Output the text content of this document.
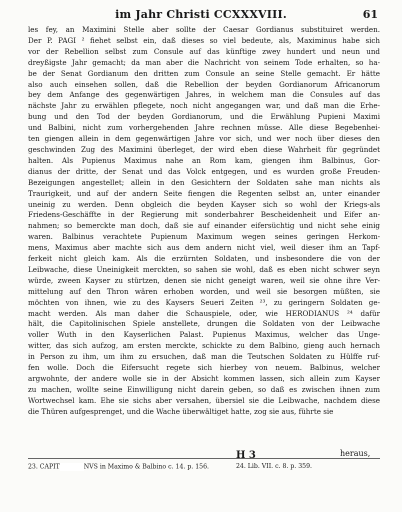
im Jahr Christi CCXXXVIII.	61
les fey, an Maximini Stelle aber sollte der Caesar Gordianus substituiret werden.
Der P. PAGI ² fiehet selbst ein, daß dieses so viel bedeute, als, Maximinus habe sich
vor der Rebellion selbst zum Consule auf das künftige zwey hundert und neun und
dreyßigste Jahr gemacht; da man aber die Nachricht von seinem Tode erhalten, so ha-
be der Senat Gordianum den dritten zum Consule an seine Stelle gemacht. Er hätte
also auch einsehen sollen, daß die Rebellion der beyden Gordianorum Africanorum
bey dem Anfange des gegenwärtigen Jahres, in welchem man die Consules auf das
nächste Jahr zu erwählen pflegete, noch nicht angegangen war, und daß man die Erhe-
bung und den Tod der beyden Gordianorum, und die Erwählung Pupieni Maximi
und Balbini, nicht zum vorhergehenden Jahre rechnen müsse. Alle diese Begebenhei-
ten giengen allein in dem gegenwärtigen Jahre vor sich, und wer noch über dieses den
geschwinden Zug des Maximini überleget, der wird eben diese Wahrheit für gegründet
halten. Als Pupienus Maximus nahe an Rom kam, giengen ihm Balbinus, Gor-
dianus der dritte, der Senat und das Volck entgegen, und es wurden große Freuden-
Bezeigungen angestellet; allein in den Gesichtern der Soldaten sahe man nichts als
Traurigkeit, und auf der andern Seite fiengen die Regenten selbst an, unter einander
uneinig zu werden. Denn obgleich die beyden Kayser sich so wohl der Kriegs-als
Friedens-Geschäffte in der Regierung mit sonderbahrer Bescheidenheit und Eifer an-
nahmen; so bemerckte man doch, daß sie auf einander eifersüchtig und nicht sehe einig
waren. Balbinus verachtete Pupienum Maximum wegen seines geringen Herkom-
mens, Maximus aber machte sich aus dem andern nicht viel, weil dieser ihm an Tapf-
ferkeit nicht gleich kam. Als die erzürnten Soldaten, und insbesondere die von der
Leibwache, diese Uneinigkeit merckten, so sahen sie wohl, daß es eben nicht schwer seyn
würde, zween Kayser zu stürtzen, denen sie nicht geneigt waren, weil sie ohne ihre Ver-
mittelung auf den Thron wären erhoben worden, und weil sie besorgen müßten, sie
möchten von ihnen, wie zu des Kaysers Seueri Zeiten ²³, zu geringern Soldaten ge-
macht werden. Als man daher die Schauspiele, oder, wie HERODIANUS ²⁴ dafür
hält, die Capitolinischen Spiele anstellete, drungen die Soldaten von der Leibwache
voller Wuth in den Kayserlichen Palast. Pupienus Maximus, welcher das Unge-
witter, das sich aufzog, am ersten merckte, schickte zu dem Balbino, gieng auch hernach
in Person zu ihm, um ihm zu ersuchen, daß man die Teutschen Soldaten zu Hülffe ruf-
fen wolle. Doch die Eifersucht regete sich hierbey von neuem. Balbinus, welcher
argwohnte, der andere wolle sie in der Absicht kommen lassen, sich allein zum Kayser
zu machen, wollte seine Einwilligung nicht darein geben, so daß es zwischen ihnen zum
Wortwechsel kam. Ehe sie sichs aber versahen, übersiel sie die Leibwache, nachdem diese
die Thüren aufgesprenget, und die Wache überwältiget hatte, zog sie aus, führte sie
H 3	heraus,
23. CAPIT	NVS in Maximo & Balbino c. 14. p. 156.	24. Lib. VII. c. 8. p. 359.
